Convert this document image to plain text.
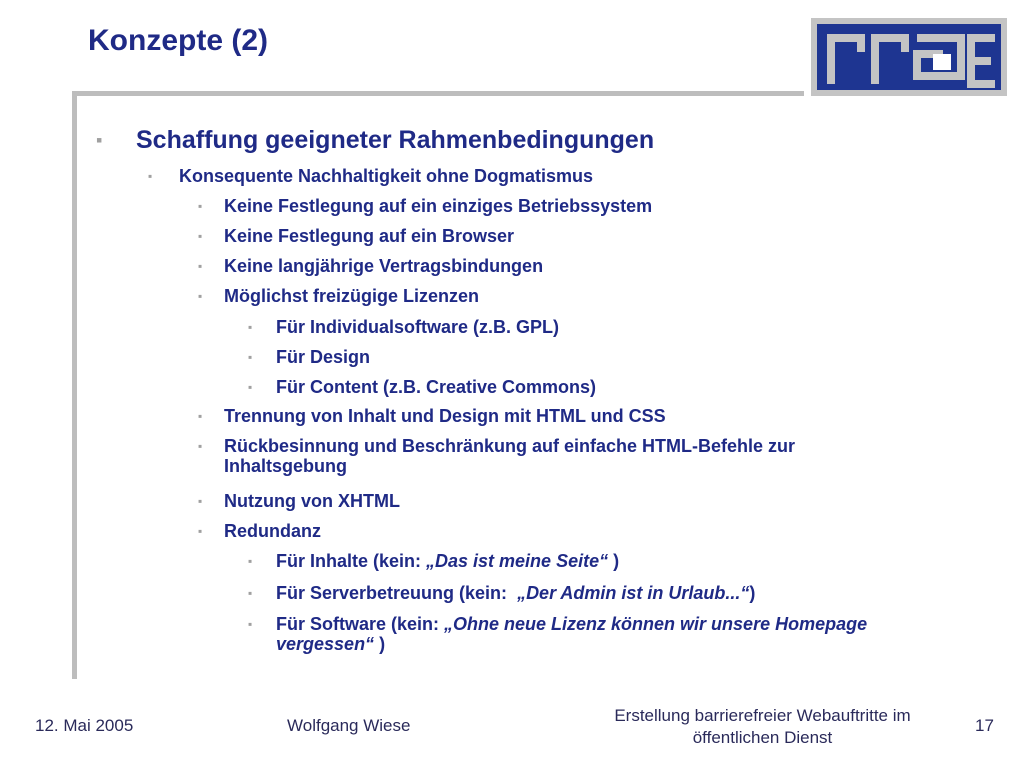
Konzepte (2)
▪ Schaffung geeigneter Rahmenbedingungen
▪ Konsequente Nachhaltigkeit ohne Dogmatismus
▪ Keine Festlegung auf ein einziges Betriebssystem
▪ Keine Festlegung auf ein Browser
▪ Keine langjährige Vertragsbindungen
▪ Möglichst freizügige Lizenzen
▪ Für Individualsoftware (z.B. GPL)
▪ Für Design
▪ Für Content (z.B. Creative Commons)
▪ Trennung von Inhalt und Design mit HTML und CSS
▪ Rückbesinnung und Beschränkung auf einfache HTML-Befehle zur Inhaltsgebung
▪ Nutzung von XHTML
▪ Redundanz
▪ Für Inhalte (kein: „Das ist meine Seite“ )
▪ Für Serverbetreuung (kein:  „Der Admin ist in Urlaub...“)
▪ Für Software (kein: „Ohne neue Lizenz können wir unsere Homepage vergessen“ )
12. Mai 2005	Wolfgang Wiese
Erstellung barrierefreier Webauftritte im
öffentlichen Dienst
17
